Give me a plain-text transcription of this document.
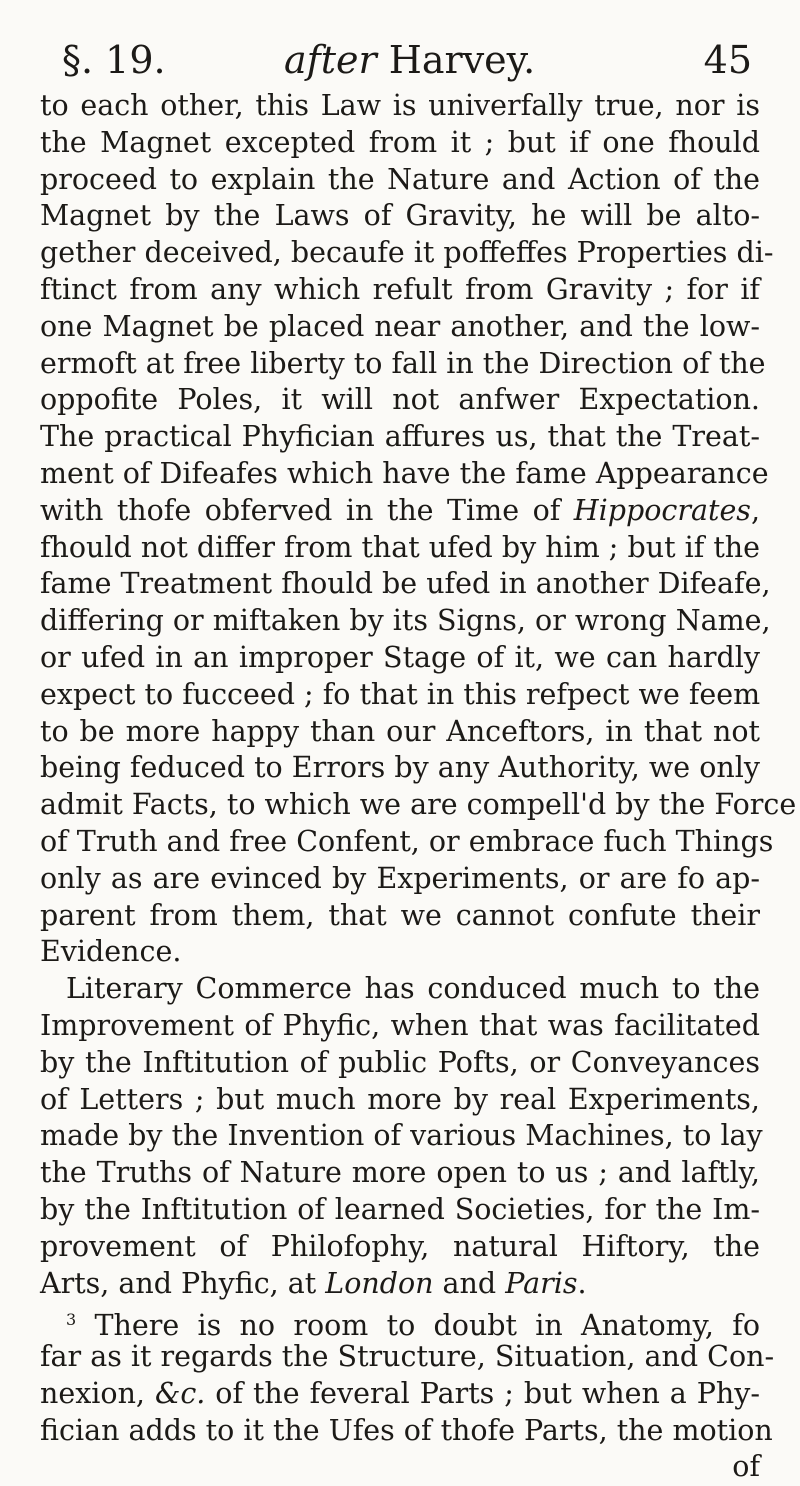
§. 19.	after Harvey.	45
to each other, this Law is univerfally true, nor is
the Magnet excepted from it ; but if one fhould
proceed to explain the Nature and Action of the
Magnet by the Laws of Gravity, he will be alto-
gether deceived, becaufe it poffeffes Properties di-
ftinct from any which refult from Gravity ; for if
one Magnet be placed near another, and the low-
ermoft at free liberty to fall in the Direction of the
oppofite Poles, it will not anfwer Expectation.
The practical Phyfician affures us, that the Treat-
ment of Difeafes which have the fame Appearance
with thofe obferved in the Time of Hippocrates,
fhould not differ from that ufed by him ; but if the
fame Treatment fhould be ufed in another Difeafe,
differing or miftaken by its Signs, or wrong Name,
or ufed in an improper Stage of it, we can hardly
expect to fucceed ; fo that in this refpect we feem
to be more happy than our Anceftors, in that not
being feduced to Errors by any Authority, we only
admit Facts, to which we are compell'd by the Force
of Truth and free Confent, or embrace fuch Things
only as are evinced by Experiments, or are fo ap-
parent from them, that we cannot confute their
Evidence.
Literary Commerce has conduced much to the
Improvement of Phyfic, when that was facilitated
by the Inftitution of public Pofts, or Conveyances
of Letters ; but much more by real Experiments,
made by the Invention of various Machines, to lay
the Truths of Nature more open to us ; and laftly,
by the Inftitution of learned Societies, for the Im-
provement of Philofophy, natural Hiftory, the
Arts, and Phyfic, at London and Paris.
$^3$ There is no room to doubt in Anatomy, fo
far as it regards the Structure, Situation, and Con-
nexion, &c. of the feveral Parts ; but when a Phy-
fician adds to it the Ufes of thofe Parts, the motion
of
